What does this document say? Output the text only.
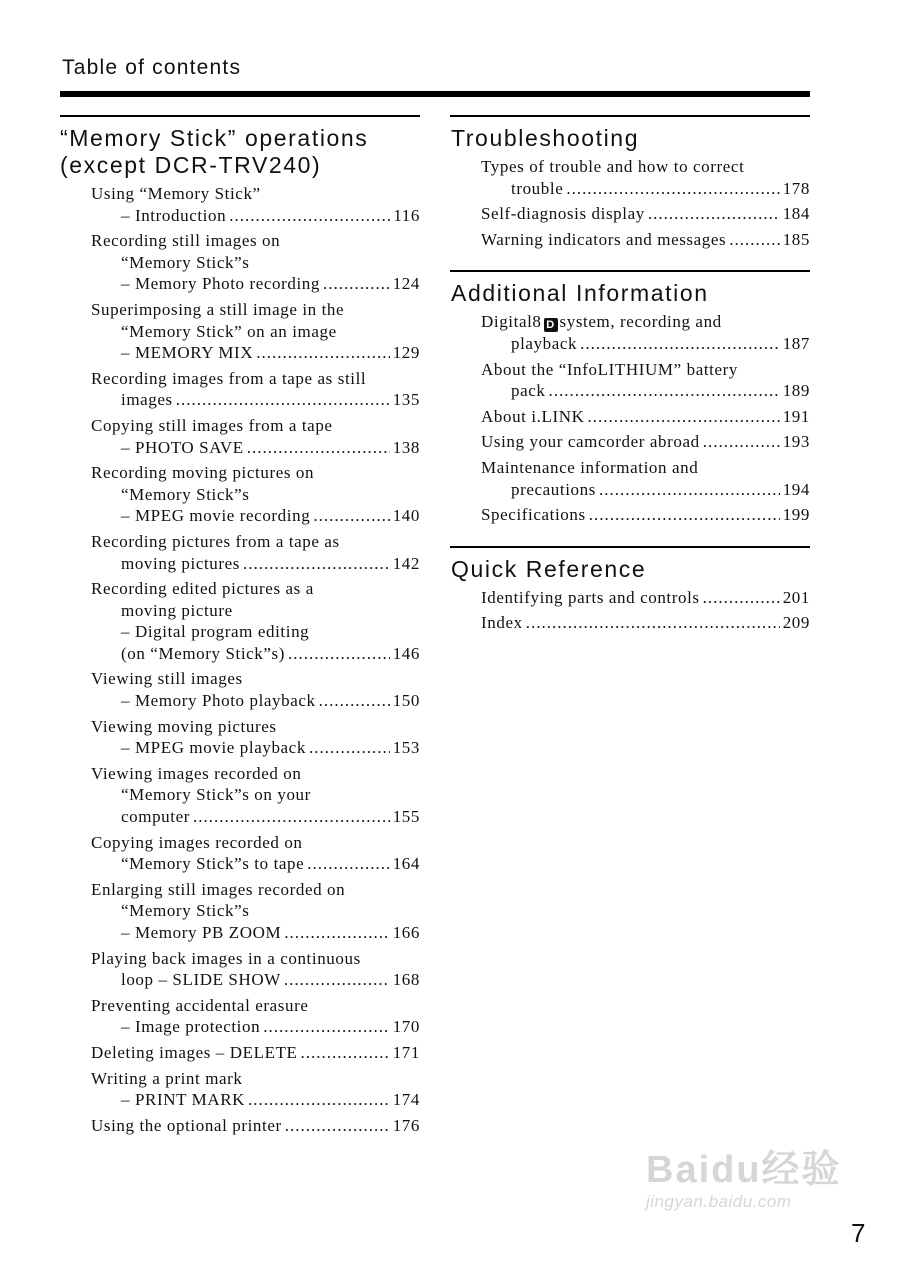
Table of contents
“Memory Stick” operations
(except DCR-TRV240)
Using “Memory Stick”
– Introduction .....	116
Recording still images on
“Memory Stick”s
– Memory Photo recording .....	124
Superimposing a still image in the
“Memory Stick” on an image
– MEMORY MIX .....	129
Recording images from a tape as still
images .....	135
Copying still images from a tape
– PHOTO SAVE .....	138
Recording moving pictures on
“Memory Stick”s
– MPEG movie recording .....	140
Recording pictures from a tape as
moving pictures .....	142
Recording edited pictures as a
moving picture
– Digital program editing
(on “Memory Stick”s) .....	146
Viewing still images
– Memory Photo playback .....	150
Viewing moving pictures
– MPEG movie playback .....	153
Viewing images recorded on
“Memory Stick”s on your
computer .....	155
Copying images recorded on
“Memory Stick”s to tape .....	164
Enlarging still images recorded on
“Memory Stick”s
– Memory PB ZOOM .....	166
Playing back images in a continuous
loop – SLIDE SHOW .....	168
Preventing accidental erasure
– Image protection .....	170
Deleting images – DELETE .....	171
Writing a print mark
– PRINT MARK .....	174
Using the optional printer .....	176
Troubleshooting
Types of trouble and how to correct
trouble .....	178
Self-diagnosis display .....	184
Warning indicators and messages .....	185
Additional Information
Digital8 D system, recording and
playback .....	187
About the “InfoLITHIUM” battery
pack .....	189
About i.LINK .....	191
Using your camcorder abroad .....	193
Maintenance information and
precautions .....	194
Specifications .....	199
Quick Reference
Identifying parts and controls .....	201
Index .....	209
Baidu经验
jingyan.baidu.com
7
